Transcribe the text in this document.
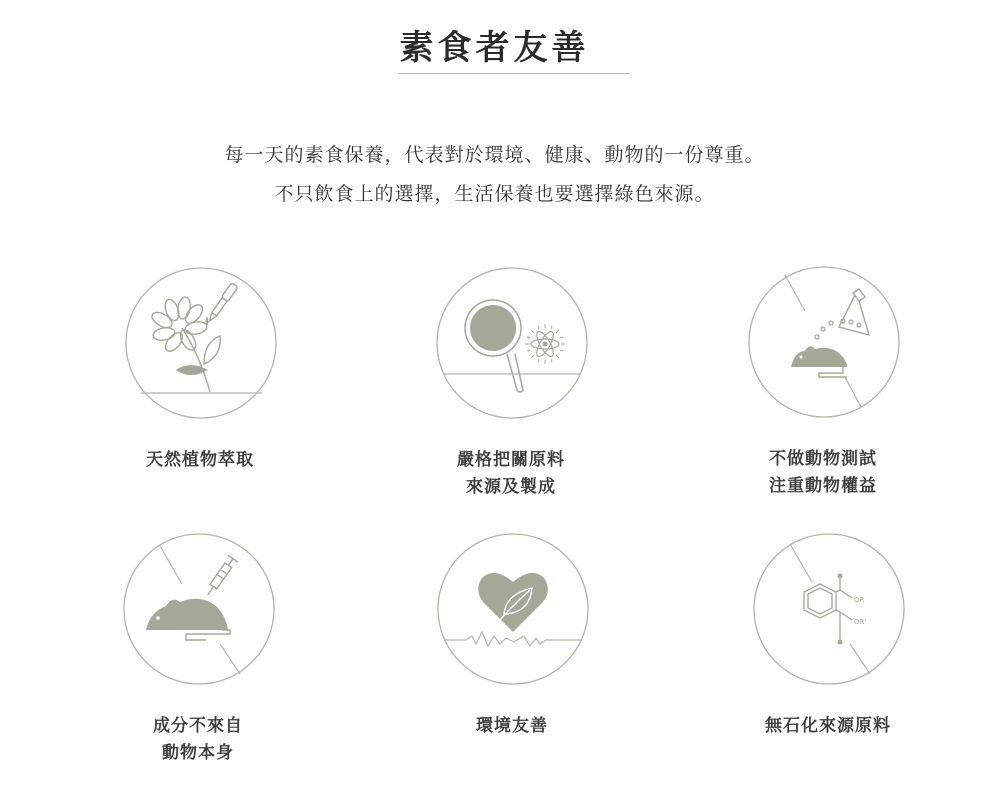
素食者友善
每一天的素食保養，代表對於環境、健康、動物的一份尊重。
不只飲食上的選擇，生活保養也要選擇綠色來源。
天然植物萃取	嚴格把關原料
來源及製成
不做動物測試
注重動物權益
成分不來自
動物本身
環境友善
OR
OR'
無石化來源原料
